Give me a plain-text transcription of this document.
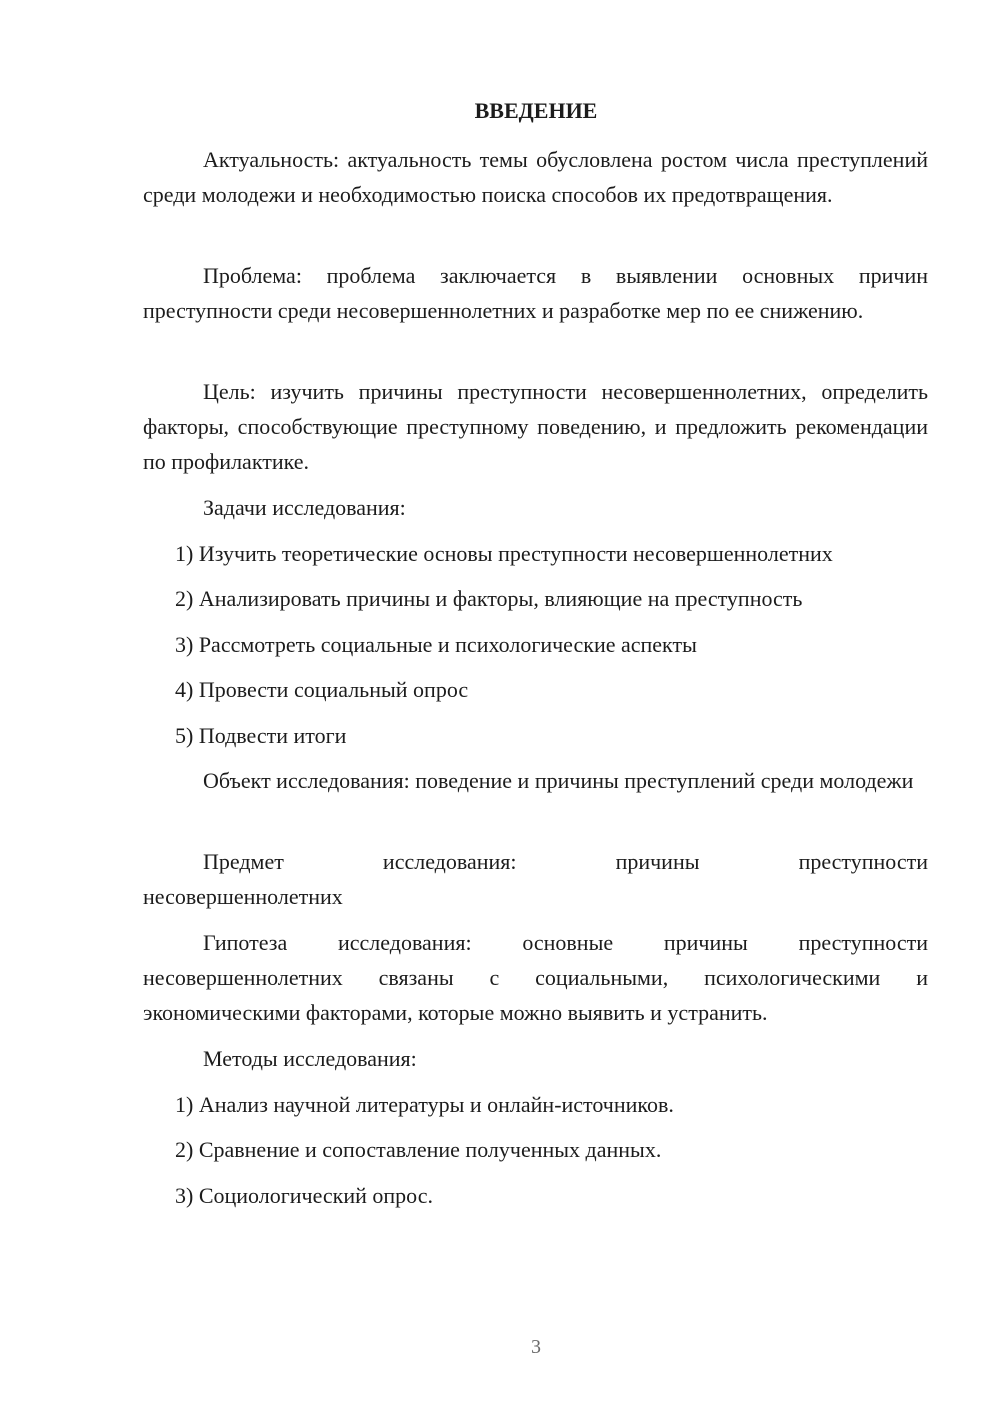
ВВЕДЕНИЕ

Актуальность: актуальность темы обусловлена ростом числа преступлений среди молодежи и необходимостью поиска способов их предотвращения.

Проблема: проблема заключается в выявлении основных причин преступности среди несовершеннолетних и разработке мер по ее снижению.

Цель: изучить причины преступности несовершеннолетних, определить факторы, способствующие преступному поведению, и предложить рекомендации по профилактике.

Задачи исследования:

1) Изучить теоретические основы преступности несовершеннолетних

2) Анализировать причины и факторы, влияющие на преступность

3) Рассмотреть социальные и психологические аспекты

4) Провести социальный опрос

5) Подвести итоги

Объект исследования: поведение и причины преступлений среди молодежи

Предмет исследования: причины преступности

несовершеннолетних

Гипотеза исследования: основные причины преступности несовершеннолетних связаны с социальными, психологическими и экономическими факторами, которые можно выявить и устранить.

Методы исследования:

1) Анализ научной литературы и онлайн-источников.

2) Сравнение и сопоставление полученных данных.

3) Социологический опрос.

3
